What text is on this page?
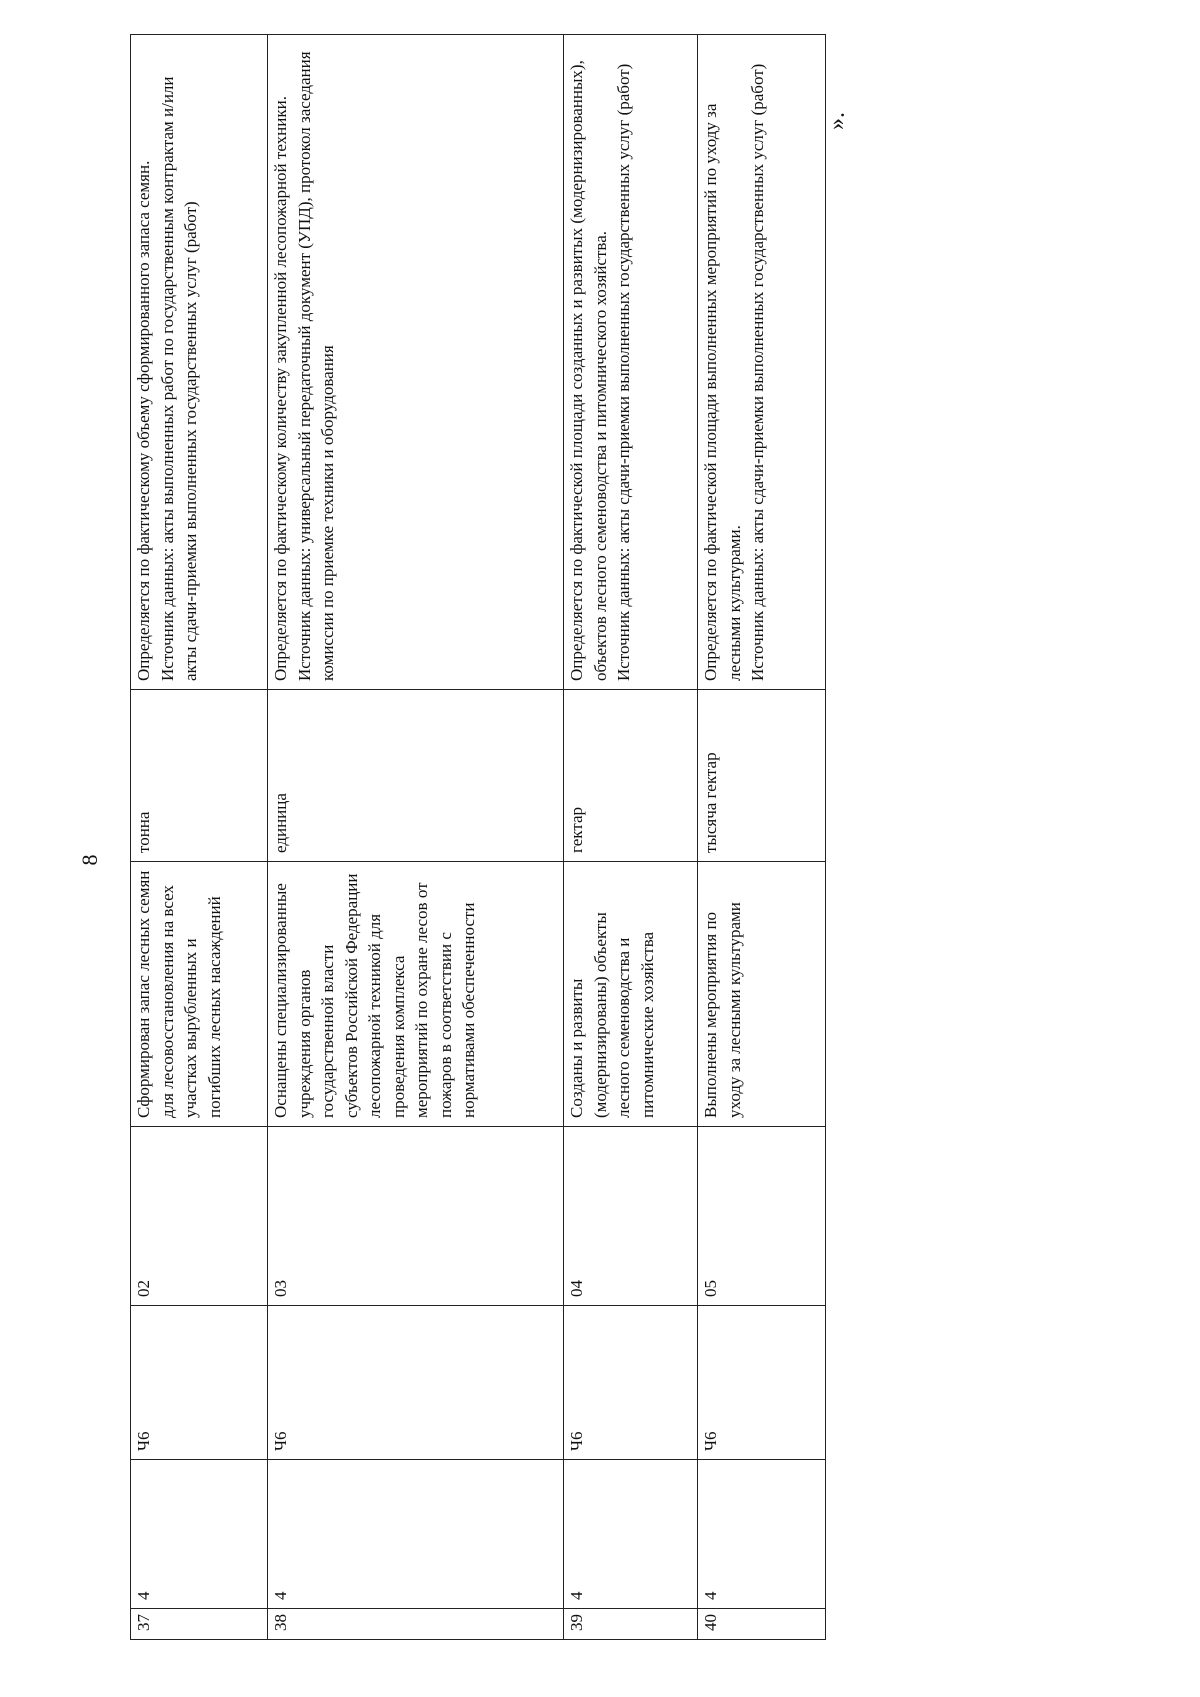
8
37	4	Ч6	02	Сформирован запас лесных семян для лесовосстановления на всех участках вырубленных и погибших лесных насаждений	тонна	Определяется по фактическому объему сформированного запаса семян.
Источник данных: акты выполненных работ по государственным контрактам и/или акты сдачи-приемки выполненных государственных услуг (работ)
38	4	Ч6	03	Оснащены специализированные учреждения органов государственной власти субъектов Российской Федерации лесопожарной техникой для проведения комплекса мероприятий по охране лесов от пожаров в соответствии с нормативами обеспеченности	единица	Определяется по фактическому количеству закупленной лесопожарной техники.
Источник данных: универсальный передаточный документ (УПД), протокол заседания комиссии по приемке техники и оборудования
39	4	Ч6	04	Созданы и развиты (модернизированы) объекты лесного семеноводства и питомнические хозяйства	гектар	Определяется по фактической площади созданных и развитых (модернизированных), объектов лесного семеноводства и питомнического хозяйства.
Источник данных: акты сдачи-приемки выполненных государственных услуг (работ)
40	4	Ч6	05	Выполнены мероприятия по уходу за лесными культурами	тысяча гектар	Определяется по фактической площади выполненных мероприятий по уходу за лесными культурами.
Источник данных: акты сдачи-приемки выполненных государственных услуг (работ)
».
